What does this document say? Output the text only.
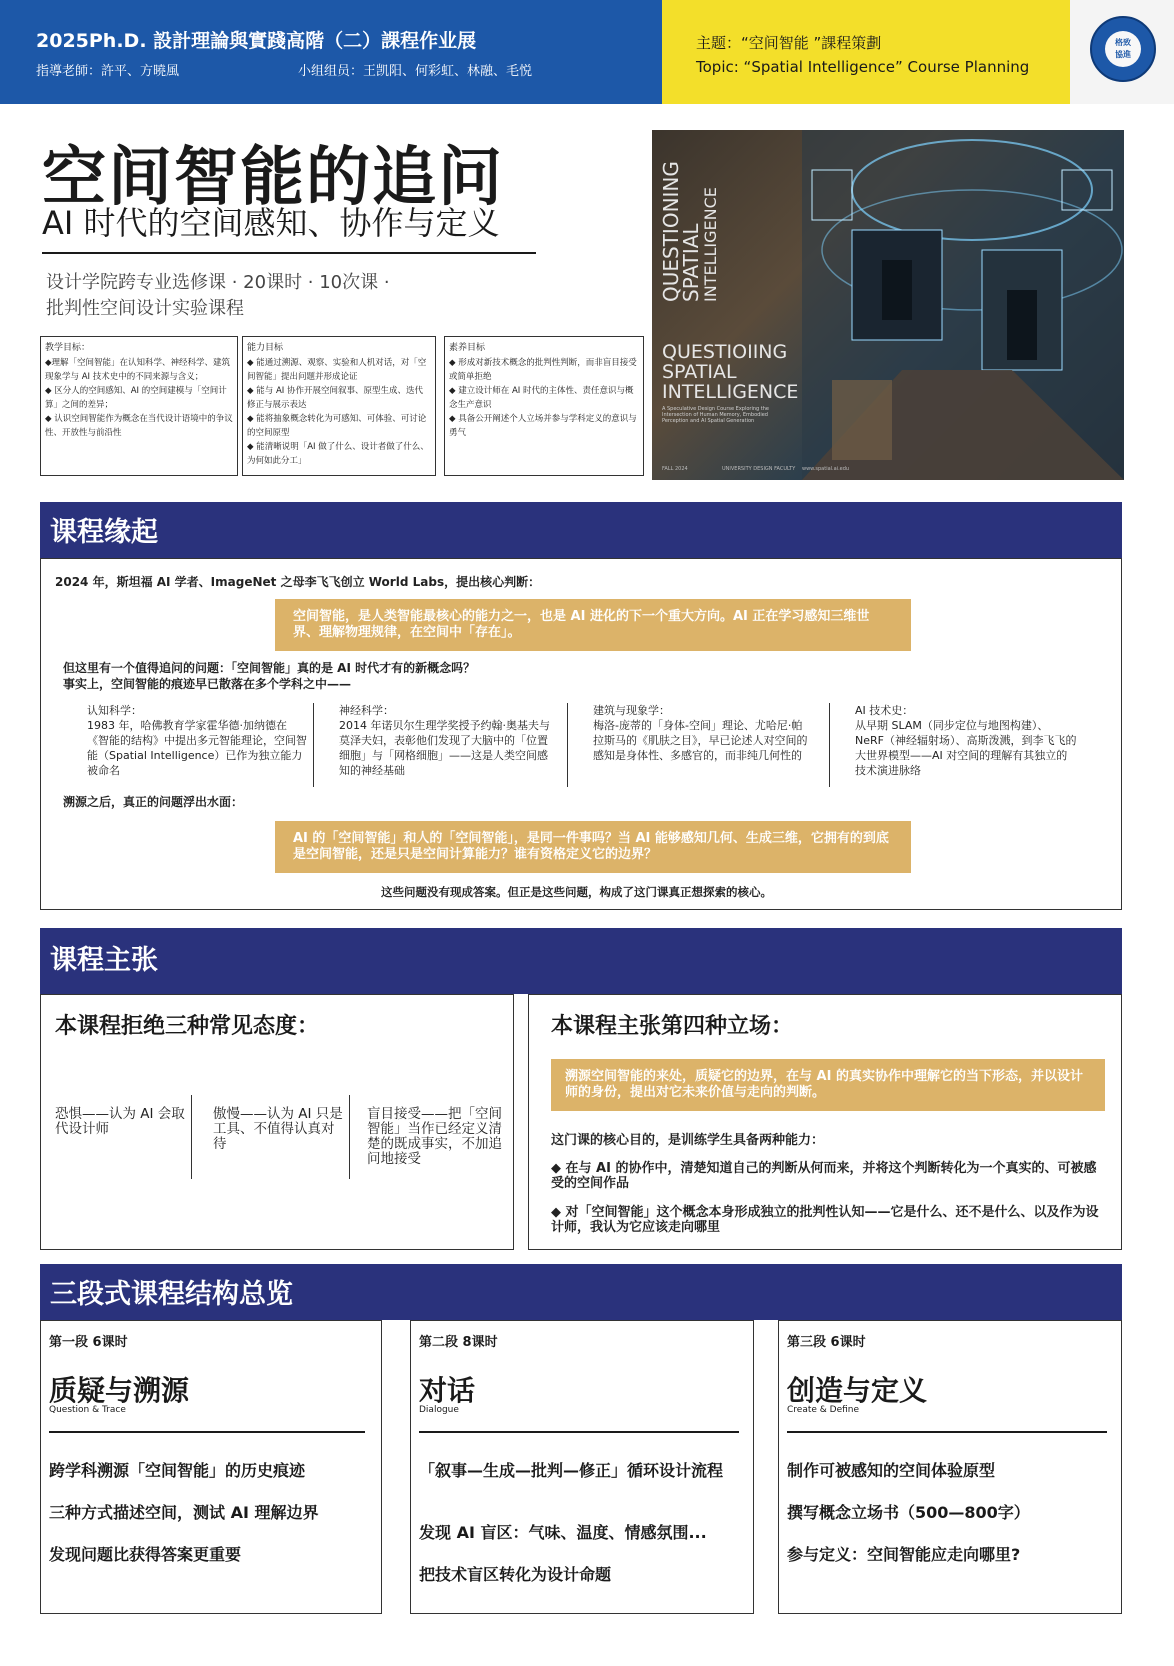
2025Ph.D. 設計理論與實踐高階（二）課程作业展
指導老師：許平、方曉風	小组组员：王凯阳、何彩虹、林融、毛悦
主题：“空间智能 ”課程策劃
Topic: “Spatial Intelligence” Course Planning
格致
協進
空间智能的追问
AI 时代的空间感知、协作与定义
设计学院跨专业选修课 · 20课时 · 10次课 ·
批判性空间设计实验课程
教学目标：
◆理解「空间智能」在认知科学、神经科学、建筑现象学与 AI 技术史中的不同来源与含义；
◆ 区分人的空间感知、AI 的空间建模与「空间计算」之间的差异；
◆ 认识空间智能作为概念在当代设计语境中的争议性、开放性与前沿性
能力目标
◆ 能通过溯源、观察、实验和人机对话，对「空间智能」提出问题并形成论证
◆ 能与 AI 协作开展空间叙事、原型生成、迭代修正与展示表达
◆ 能将抽象概念转化为可感知、可体验、可讨论的空间原型
◆ 能清晰说明「AI 做了什么、设计者做了什么、为何如此分工」
素养目标
◆ 形成对新技术概念的批判性判断，而非盲目接受或简单拒绝
◆ 建立设计师在 AI 时代的主体性、责任意识与概念生产意识
◆ 具备公开阐述个人立场并参与学科定义的意识与勇气
QUESTIONING
SPATIAL
INTELLIGENCE
QUESTIOIING
SPATIAL
INTELLIGENCE
A Speculative Design Course Exploring the Intersection of Human Memory, Embodied Perception and AI Spatial Generation
FALL 2024	UNIVERSITY DESIGN FACULTY www.spatial.ai.edu
课程缘起
2024 年，斯坦福 AI 学者、ImageNet 之母李飞飞创立 World Labs，提出核心判断：
空间智能，是人类智能最核心的能力之一，也是 AI 进化的下一个重大方向。AI 正在学习感知三维世界、理解物理规律，在空间中「存在」。
但这里有一个值得追问的问题：「空间智能」真的是 AI 时代才有的新概念吗？
事实上，空间智能的痕迹早已散落在多个学科之中——
认知科学：
1983 年，哈佛教育学家霍华德·加纳德在《智能的结构》中提出多元智能理论，空间智能（Spatial Intelligence）已作为独立能力被命名
神经科学：
2014 年诺贝尔生理学奖授予约翰·奥基夫与莫泽夫妇，表彰他们发现了大脑中的「位置细胞」与「网格细胞」——这是人类空间感知的神经基础
建筑与现象学：
梅洛-庞蒂的「身体-空间」理论、尤哈尼·帕拉斯马的《肌肤之目》，早已论述人对空间的感知是身体性、多感官的，而非纯几何性的
AI 技术史：
从早期 SLAM（同步定位与地图构建）、NeRF（神经辐射场）、高斯泼溅，到李飞飞的大世界模型——AI 对空间的理解有其独立的技术演进脉络
溯源之后，真正的问题浮出水面：
AI 的「空间智能」和人的「空间智能」，是同一件事吗？当 AI 能够感知几何、生成三维，它拥有的到底是空间智能，还是只是空间计算能力？谁有资格定义它的边界？
这些问题没有现成答案。但正是这些问题，构成了这门课真正想探索的核心。
课程主张
本课程拒绝三种常见态度：
恐惧——认为 AI 会取代设计师
傲慢——认为 AI 只是工具、不值得认真对待
盲目接受——把「空间智能」当作已经定义清楚的既成事实，不加追问地接受
本课程主张第四种立场：
溯源空间智能的来处，质疑它的边界，在与 AI 的真实协作中理解它的当下形态，并以设计师的身份，提出对它未来价值与走向的判断。
这门课的核心目的，是训练学生具备两种能力：
◆ 在与 AI 的协作中，清楚知道自己的判断从何而来，并将这个判断转化为一个真实的、可被感受的空间作品
◆ 对「空间智能」这个概念本身形成独立的批判性认知——它是什么、还不是什么、以及作为设计师，我认为它应该走向哪里
三段式课程结构总览
第一段 6课时
质疑与溯源
Question & Trace
跨学科溯源「空间智能」的历史痕迹
三种方式描述空间，测试 AI 理解边界
发现问题比获得答案更重要
第二段 8课时
对话
Dialogue
「叙事—生成—批判—修正」循环设计流程
发现 AI 盲区：气味、温度、情感氛围...
把技术盲区转化为设计命题
第三段 6课时
创造与定义
Create & Define
制作可被感知的空间体验原型
撰写概念立场书（500—800字）
参与定义：空间智能应走向哪里?
